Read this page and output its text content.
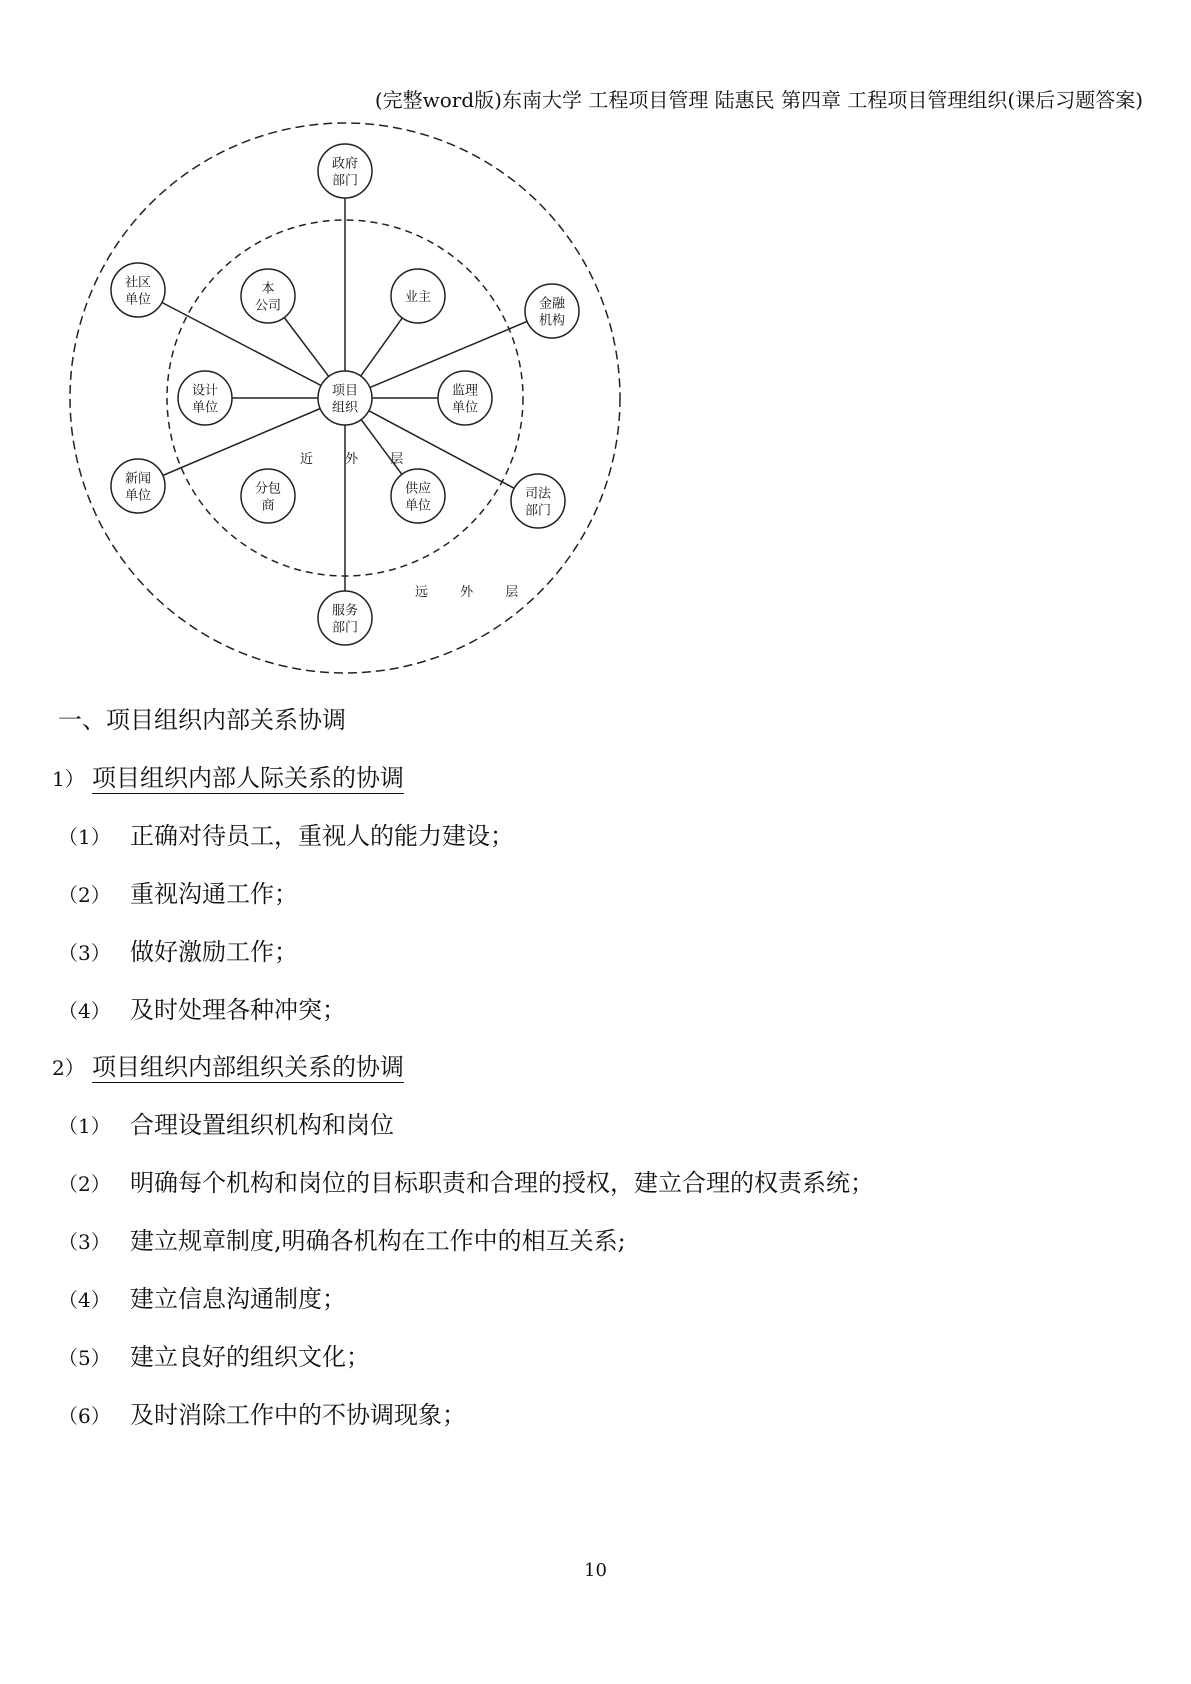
(完整word版)东南大学 工程项目管理 陆惠民 第四章 工程项目管理组织(课后习题答案)
本
公司
业主
设计
单位
监理
单位
分包
商
供应
单位
政府
部门
社区
单位	金融
机构
新闻
单位	司法
部门
服务
部门
项目
组织
近 外 层
远 外 层
一、项目组织内部关系协调
1） 项目组织内部人际关系的协调
（1） 正确对待员工，重视人的能力建设；
（2） 重视沟通工作；
（3） 做好激励工作；
（4） 及时处理各种冲突；
2） 项目组织内部组织关系的协调
（1） 合理设置组织机构和岗位
（2） 明确每个机构和岗位的目标职责和合理的授权，建立合理的权责系统；
（3） 建立规章制度,明确各机构在工作中的相互关系;
（4） 建立信息沟通制度；
（5） 建立良好的组织文化；
（6） 及时消除工作中的不协调现象；
10
